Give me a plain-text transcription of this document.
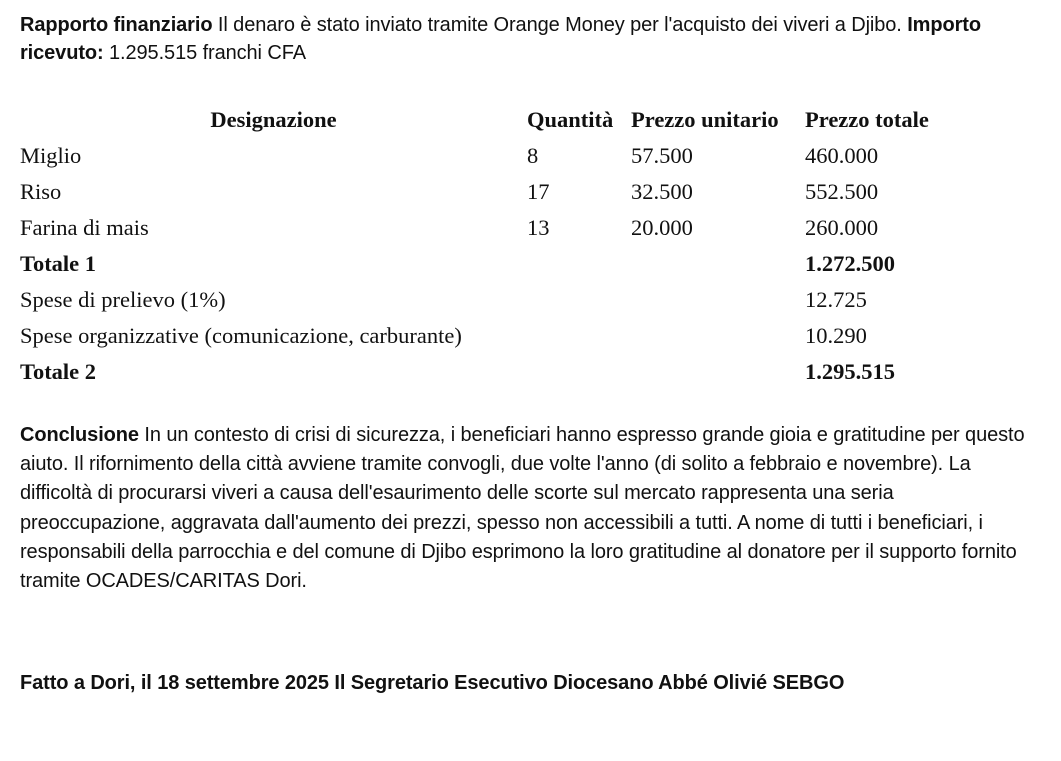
Rapporto finanziario Il denaro è stato inviato tramite Orange Money per l'acquisto dei viveri a Djibo. Importo ricevuto: 1.295.515 franchi CFA

Designazione	Quantità	Prezzo unitario	Prezzo totale
Miglio	8	57.500	460.000
Riso	17	32.500	552.500
Farina di mais	13	20.000	260.000
Totale 1			1.272.500
Spese di prelievo (1%)			12.725
Spese organizzative (comunicazione, carburante)			10.290
Totale 2			1.295.515

Conclusione In un contesto di crisi di sicurezza, i beneficiari hanno espresso grande gioia e gratitudine per questo aiuto. Il rifornimento della città avviene tramite convogli, due volte l'anno (di solito a febbraio e novembre). La difficoltà di procurarsi viveri a causa dell'esaurimento delle scorte sul mercato rappresenta una seria preoccupazione, aggravata dall'aumento dei prezzi, spesso non accessibili a tutti. A nome di tutti i beneficiari, i responsabili della parrocchia e del comune di Djibo esprimono la loro gratitudine al donatore per il supporto fornito tramite OCADES/CARITAS Dori.

Fatto a Dori, il 18 settembre 2025 Il Segretario Esecutivo Diocesano Abbé Olivié SEBGO
